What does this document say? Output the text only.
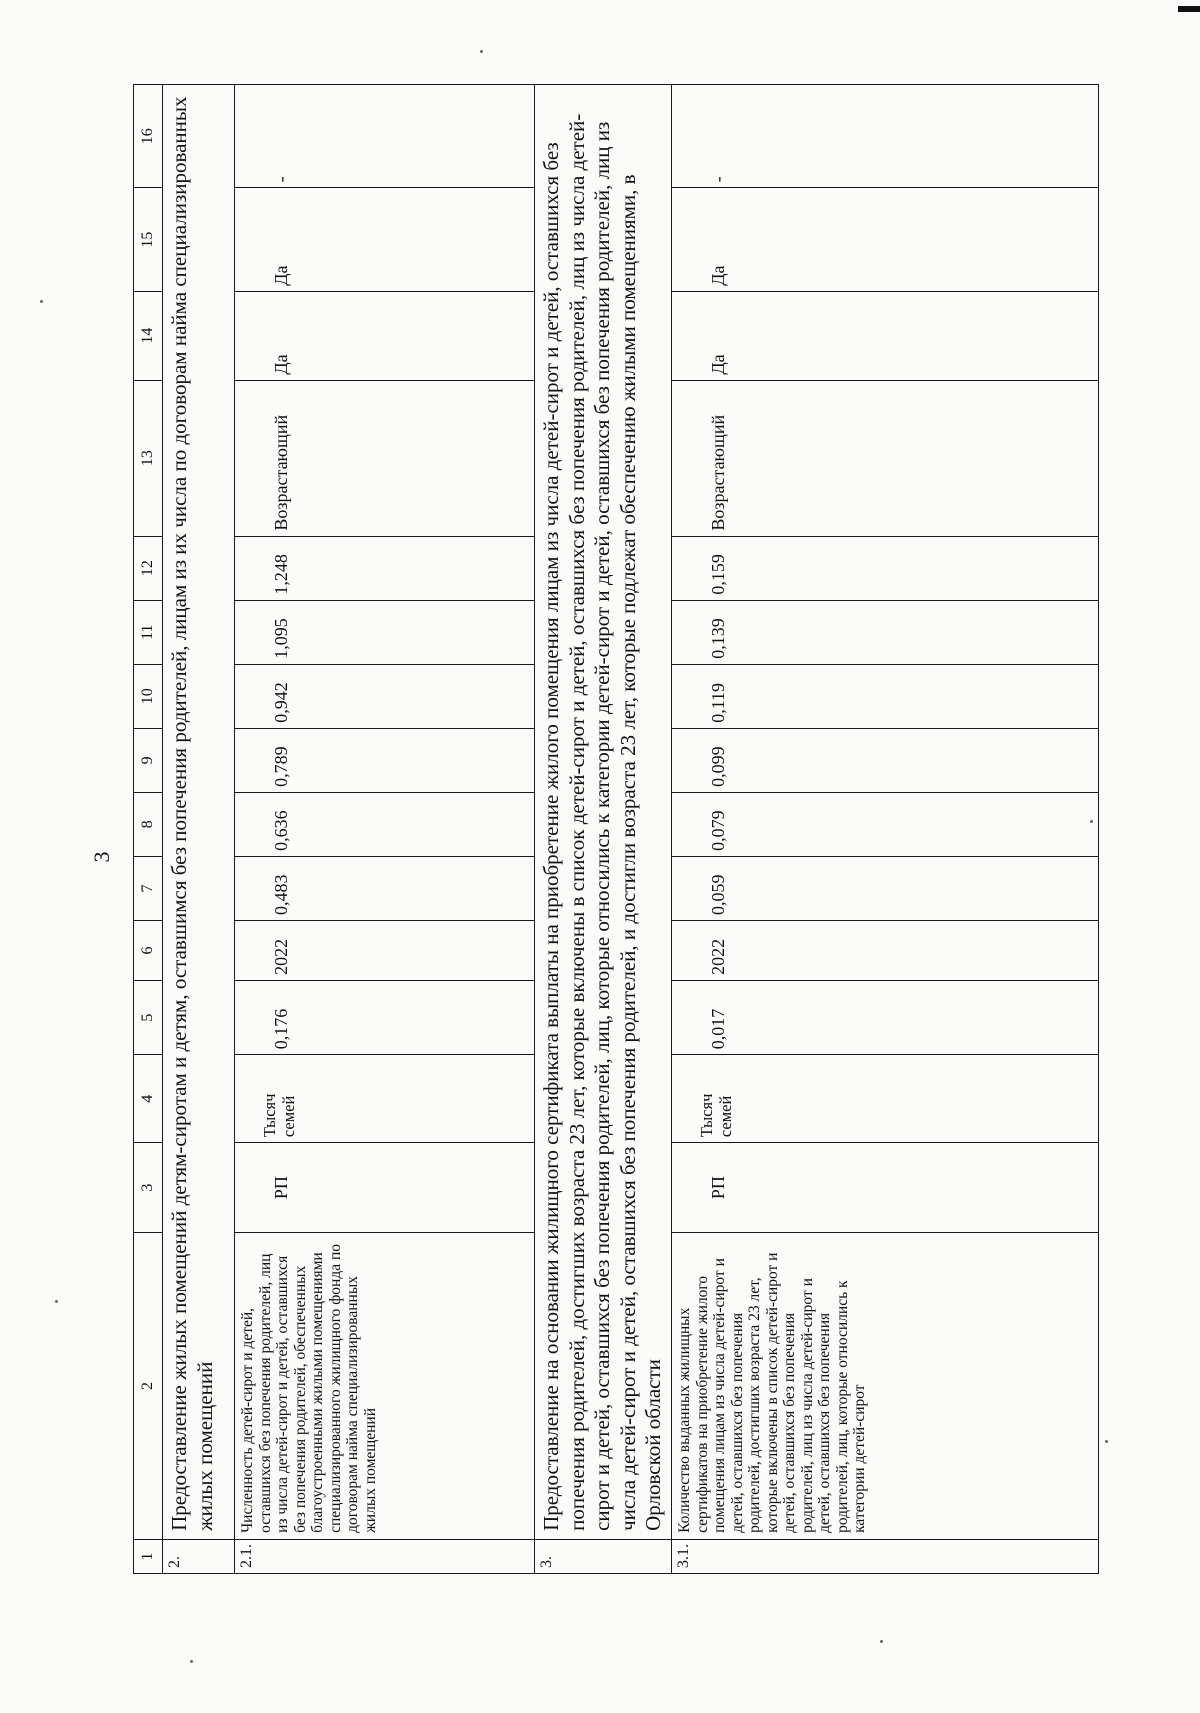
3
1	2	3	4	5	6	7	8	9	10	11	12	13	14	15	16
2.	Предоставление жилых помещений детям-сиротам и детям, оставшимся без попечения родителей, лицам из их числа по договорам найма специализированных жилых помещений														
2.1.	Численность детей-сирот и детей, оставшихся без попечения родителей, лиц из числа детей-сирот и детей, оставшихся без попечения родителей, обеспеченных благоустроенными жилыми помещениями специализированного жилищного фонда по договорам найма специализированных жилых помещений	РП	Тысяч семей	0,176	2022	0,483	0,636	0,789	0,942	1,095	1,248	Возрастающий	Да	Да	-
3.	Предоставление на основании жилищного сертификата выплаты на приобретение жилого помещения лицам из числа детей-сирот и детей, оставшихся без попечения родителей, достигших возраста 23 лет, которые включены в список детей-сирот и детей, оставшихся без попечения родителей, лиц из числа детей-сирот и детей, оставшихся без попечения родителей, лиц, которые относились к категории детей-сирот и детей, оставшихся без попечения родителей, лиц из числа детей-сирот и детей, оставшихся без попечения родителей, и достигли возраста 23 лет, которые подлежат обеспечению жилыми помещениями, в Орловской области														
3.1.	Количество выданных жилищных сертификатов на приобретение жилого помещения лицам из числа детей-сирот и детей, оставшихся без попечения родителей, достигших возраста 23 лет, которые включены в список детей-сирот и детей, оставшихся без попечения родителей, лиц из числа детей-сирот и детей, оставшихся без попечения родителей, лиц, которые относились к категории детей-сирот	РП	Тысяч семей	0,017	2022	0,059	0,079	0,099	0,119	0,139	0,159	Возрастающий	Да	Да	-
